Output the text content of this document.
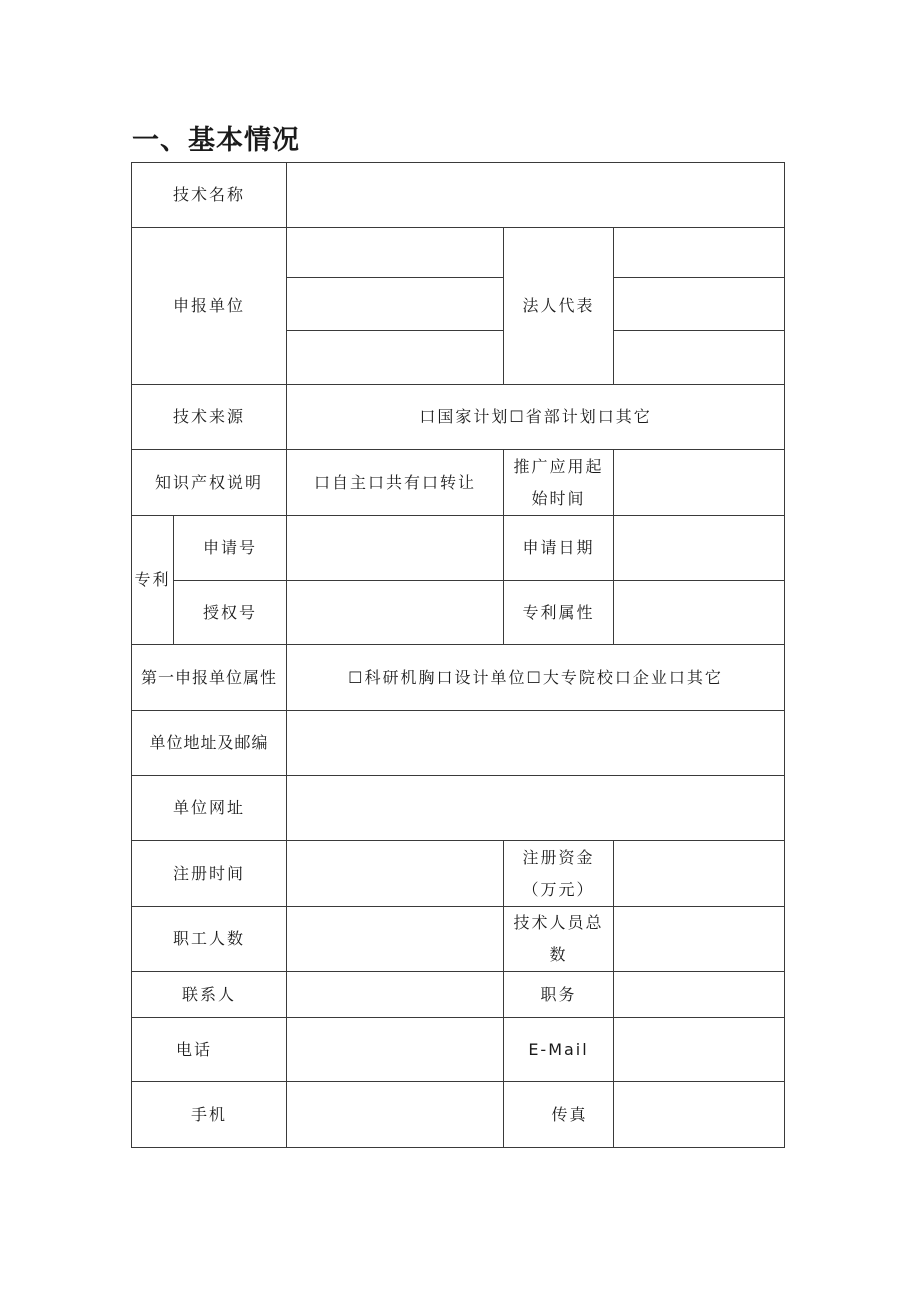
一、基本情况
技术名称				
申报单位			法人代表	

技术来源		口国家计划☐省部计划口其它		
知识产权说明		口自主口共有口转让	推广应用起
始时间	

专利	申请号		申请日期	
	授权号		专利属性	
第一申报单位属性		☐科研机胸口设计单位☐大专院校口企业口其它		
单位地址及邮编				
单位网址				
注册时间			注册资金
（万元）	

职工人数			技术人员总
数	

联系人			职务	
电话			E-Mail	
手机			传真	
